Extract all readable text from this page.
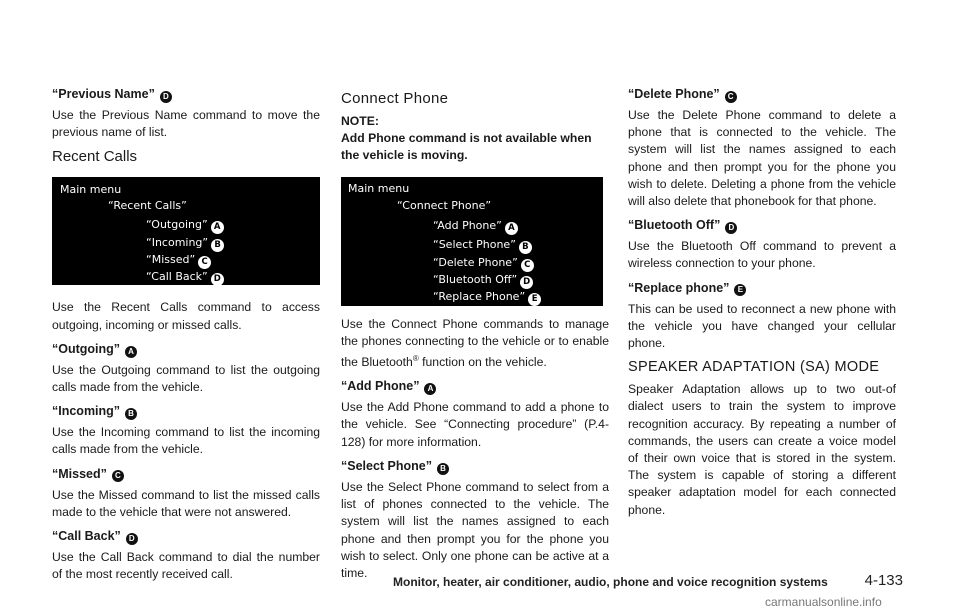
“Previous Name” D

Use the Previous Name command to move the previous name of list.

Recent Calls
Main menu
“Recent Calls”
“Outgoing” A
“Incoming” B
“Missed” C
“Call Back” D

Use the Recent Calls command to access outgoing, incoming or missed calls.

“Outgoing” A

Use the Outgoing command to list the outgoing calls made from the vehicle.

“Incoming” B

Use the Incoming command to list the incoming calls made from the vehicle.

“Missed” C

Use the Missed command to list the missed calls made to the vehicle that were not answered.

“Call Back” D

Use the Call Back command to dial the number of the most recently received call.

Connect Phone
NOTE:
Add Phone command is not available when the vehicle is moving.
Main menu
“Connect Phone”
“Add Phone” A
“Select Phone” B
“Delete Phone” C
“Bluetooth Off” D
“Replace Phone” E

Use the Connect Phone commands to manage the phones connecting to the vehicle or to enable the Bluetooth® function on the vehicle.

“Add Phone” A

Use the Add Phone command to add a phone to the vehicle. See “Connecting procedure” (P.4-128) for more information.

“Select Phone” B

Use the Select Phone command to select from a list of phones connected to the vehicle. The system will list the names assigned to each phone and then prompt you for the phone you wish to select. Only one phone can be active at a time.

“Delete Phone” C

Use the Delete Phone command to delete a phone that is connected to the vehicle. The system will list the names assigned to each phone and then prompt you for the phone you wish to delete. Deleting a phone from the vehicle will also delete that phonebook for that phone.

“Bluetooth Off” D

Use the Bluetooth Off command to prevent a wireless connection to your phone.

“Replace phone” E

This can be used to reconnect a new phone with the vehicle you have changed your cellular phone.

SPEAKER ADAPTATION (SA) MODE

Speaker Adaptation allows up to two out-of dialect users to train the system to improve recognition accuracy. By repeating a number of commands, the users can create a voice model of their own voice that is stored in the system. The system is capable of storing a different speaker adaptation model for each connected phone.

Monitor, heater, air conditioner, audio, phone and voice recognition systems 4-133
carmanualsonline.info
